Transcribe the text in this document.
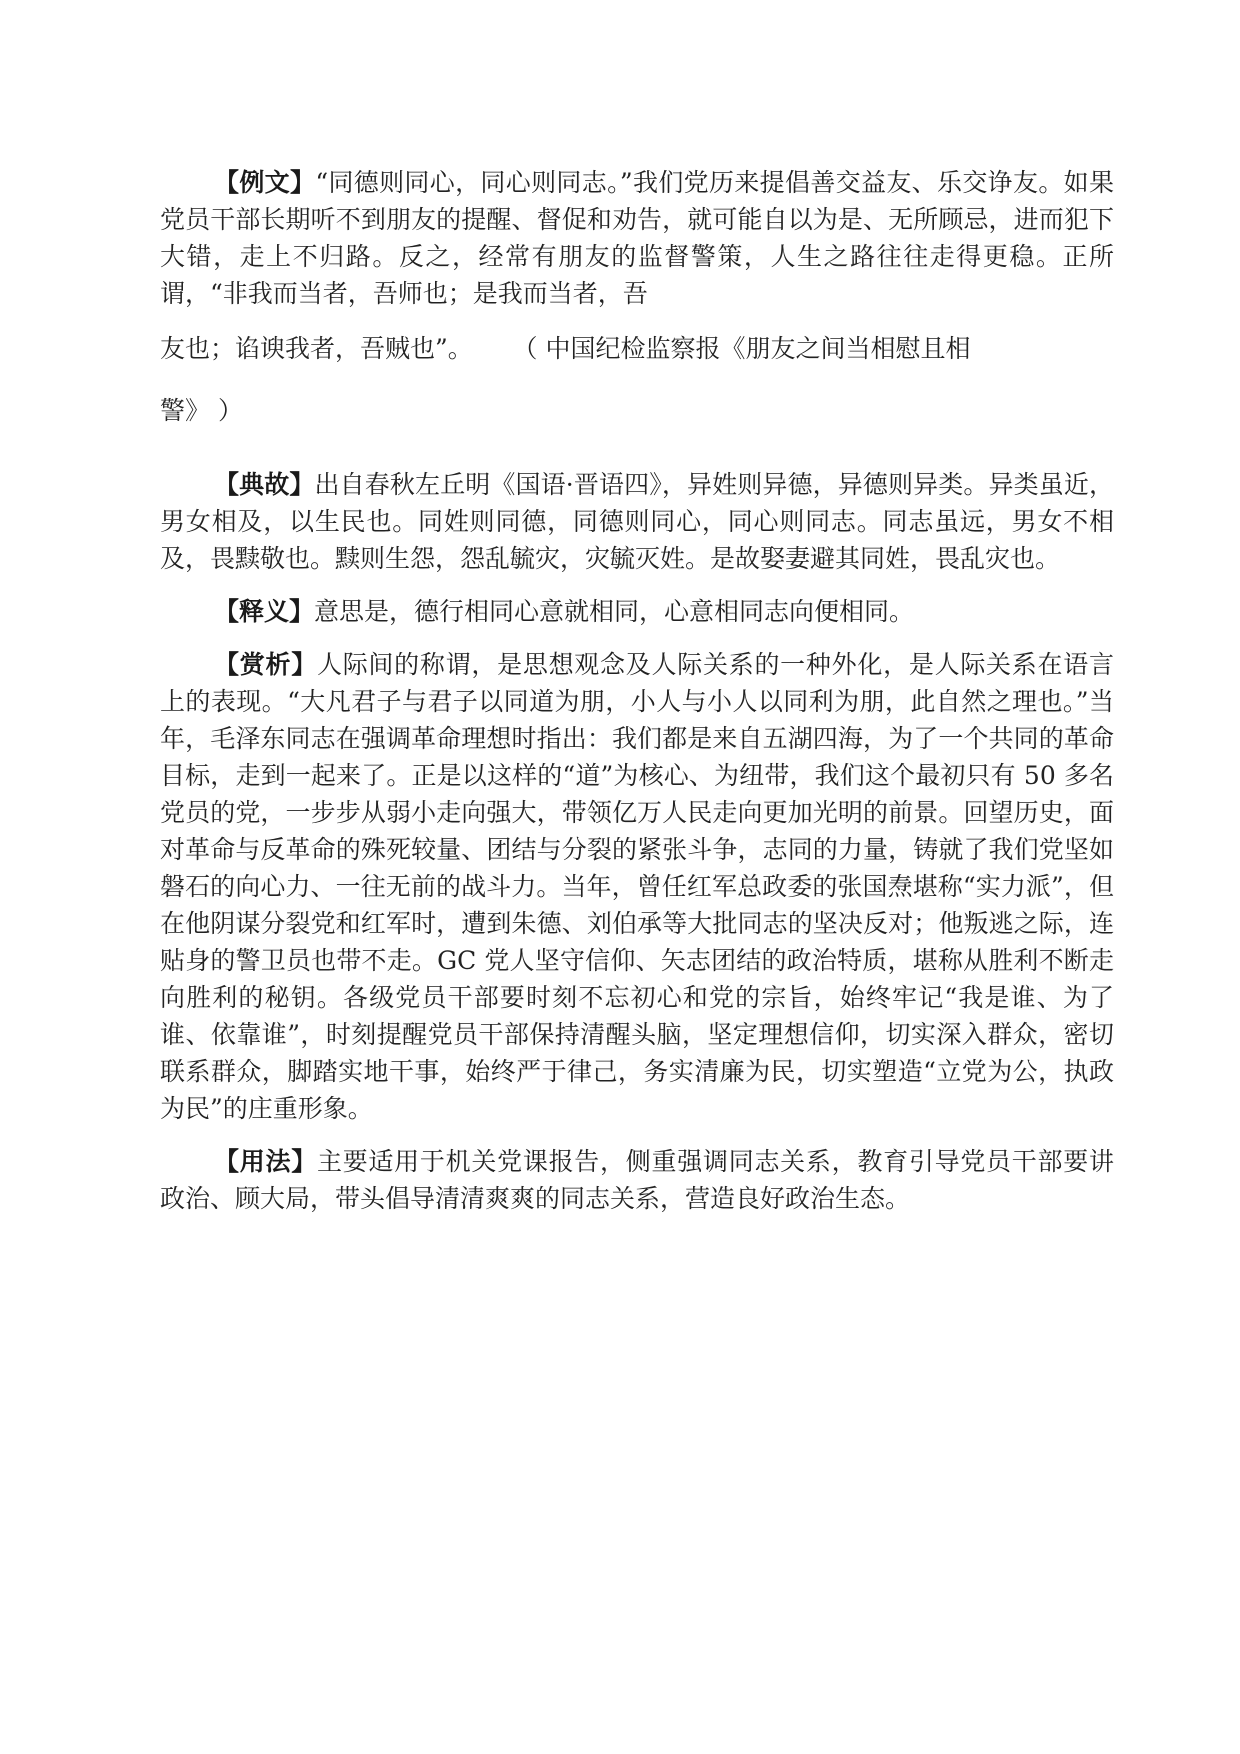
【例文】“同德则同心，同心则同志。”我们党历来提倡善交益友、乐交诤友。如果党员干部长期听不到朋友的提醒、督促和劝告，就可能自以为是、无所顾忌，进而犯下大错，走上不归路。反之，经常有朋友的监督警策，人生之路往往走得更稳。正所谓，“非我而当者，吾师也；是我而当者，吾
友也；谄谀我者，吾贼也”。 （ 中国纪检监察报《朋友之间当相慰且相
警》 ）

【典故】出自春秋左丘明《国语·晋语四》，异姓则异德，异德则异类。异类虽近，男女相及，以生民也。同姓则同德，同德则同心，同心则同志。同志虽远，男女不相及，畏黩敬也。黩则生怨，怨乱毓灾，灾毓灭姓。是故娶妻避其同姓，畏乱灾也。

【释义】意思是，德行相同心意就相同，心意相同志向便相同。

【赏析】人际间的称谓，是思想观念及人际关系的一种外化，是人际关系在语言上的表现。“大凡君子与君子以同道为朋，小人与小人以同利为朋，此自然之理也。”当年，毛泽东同志在强调革命理想时指出：我们都是来自五湖四海，为了一个共同的革命目标，走到一起来了。正是以这样的“道”为核心、为纽带，我们这个最初只有 50 多名党员的党，一步步从弱小走向强大，带领亿万人民走向更加光明的前景。回望历史，面对革命与反革命的殊死较量、团结与分裂的紧张斗争，志同的力量，铸就了我们党坚如磐石的向心力、一往无前的战斗力。当年，曾任红军总政委的张国焘堪称“实力派”，但在他阴谋分裂党和红军时，遭到朱德、刘伯承等大批同志的坚决反对；他叛逃之际，连贴身的警卫员也带不走。GC 党人坚守信仰、矢志团结的政治特质，堪称从胜利不断走向胜利的秘钥。各级党员干部要时刻不忘初心和党的宗旨，始终牢记“我是谁、为了谁、依靠谁”，时刻提醒党员干部保持清醒头脑，坚定理想信仰，切实深入群众，密切联系群众，脚踏实地干事，始终严于律己，务实清廉为民，切实塑造“立党为公，执政为民”的庄重形象。

【用法】主要适用于机关党课报告，侧重强调同志关系，教育引导党员干部要讲政治、顾大局，带头倡导清清爽爽的同志关系，营造良好政治生态。
